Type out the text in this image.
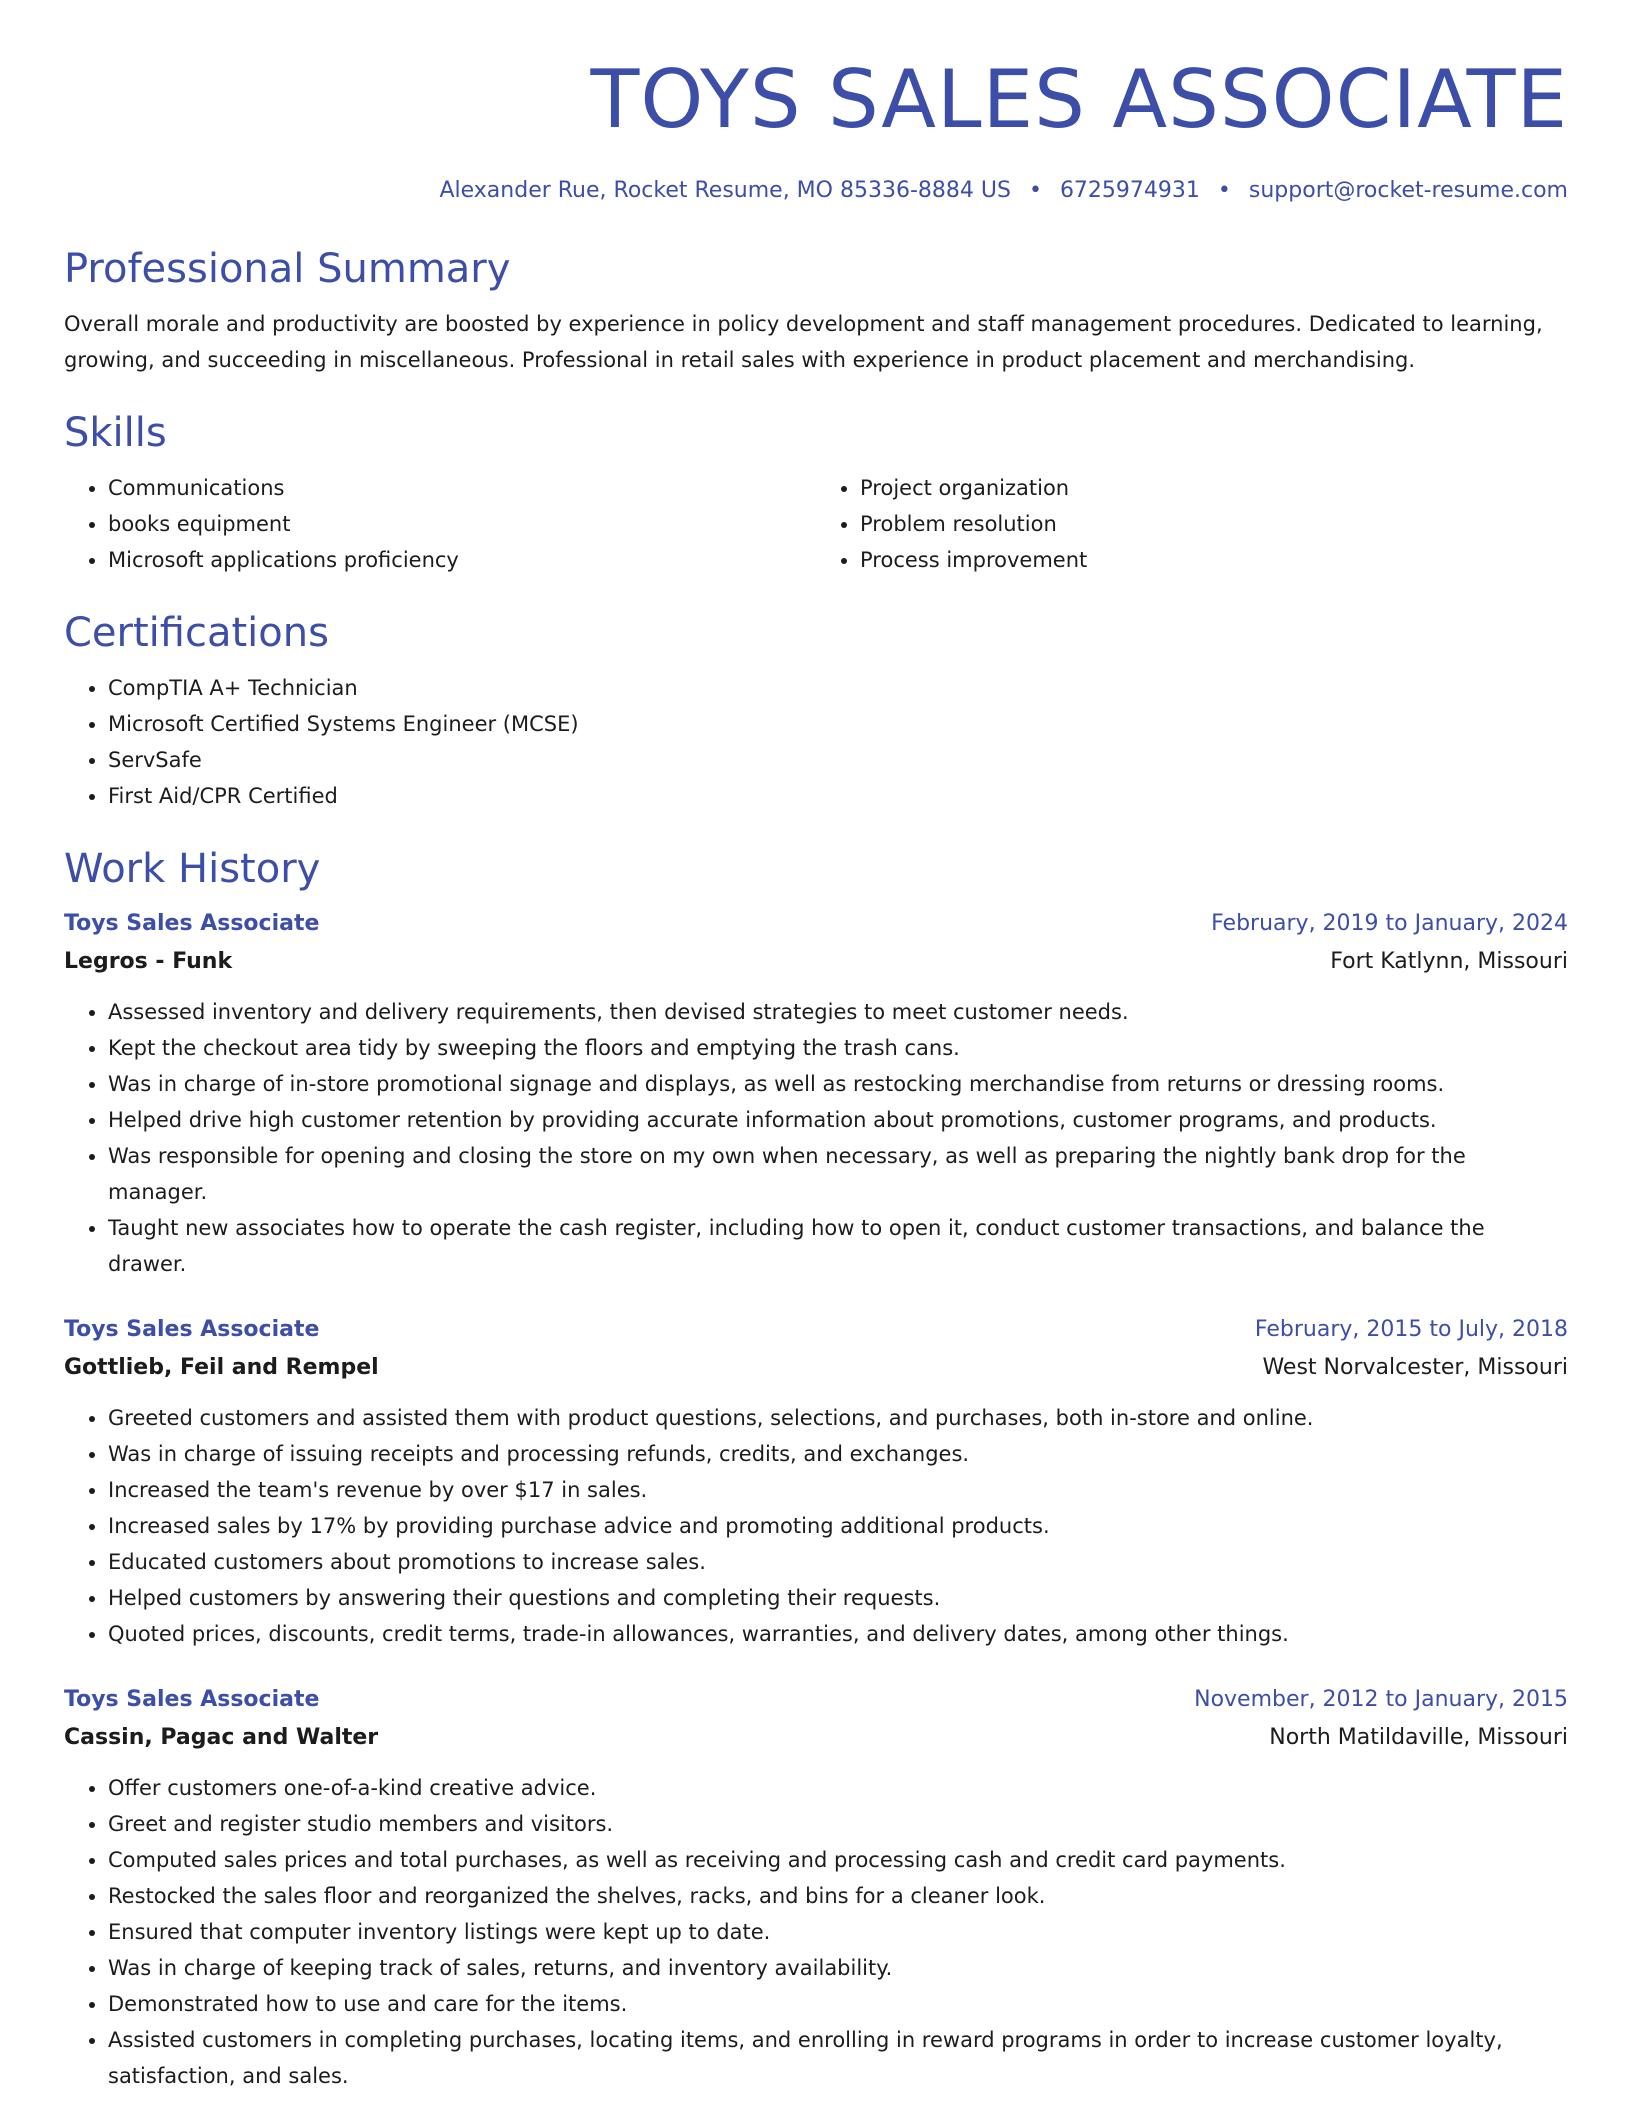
TOYS SALES ASSOCIATE
Alexander Rue, Rocket Resume, MO 85336-8884 US • 6725974931 • support@rocket-resume.com
Professional Summary
Overall morale and productivity are boosted by experience in policy development and staff management procedures. Dedicated to learning, growing, and succeeding in miscellaneous. Professional in retail sales with experience in product placement and merchandising.
Skills
• Communications
• books equipment
• Microsoft applications proficiency
• Project organization
• Problem resolution
• Process improvement
Certifications
• CompTIA A+ Technician
• Microsoft Certified Systems Engineer (MCSE)
• ServSafe
• First Aid/CPR Certified
Work History
Toys Sales Associate	February, 2019 to January, 2024
Legros - Funk	Fort Katlynn, Missouri
• Assessed inventory and delivery requirements, then devised strategies to meet customer needs.
• Kept the checkout area tidy by sweeping the floors and emptying the trash cans.
• Was in charge of in-store promotional signage and displays, as well as restocking merchandise from returns or dressing rooms.
• Helped drive high customer retention by providing accurate information about promotions, customer programs, and products.
• Was responsible for opening and closing the store on my own when necessary, as well as preparing the nightly bank drop for the manager.
• Taught new associates how to operate the cash register, including how to open it, conduct customer transactions, and balance the drawer.
Toys Sales Associate	February, 2015 to July, 2018
Gottlieb, Feil and Rempel	West Norvalcester, Missouri
• Greeted customers and assisted them with product questions, selections, and purchases, both in-store and online.
• Was in charge of issuing receipts and processing refunds, credits, and exchanges.
• Increased the team's revenue by over $17 in sales.
• Increased sales by 17% by providing purchase advice and promoting additional products.
• Educated customers about promotions to increase sales.
• Helped customers by answering their questions and completing their requests.
• Quoted prices, discounts, credit terms, trade-in allowances, warranties, and delivery dates, among other things.
Toys Sales Associate	November, 2012 to January, 2015
Cassin, Pagac and Walter	North Matildaville, Missouri
• Offer customers one-of-a-kind creative advice.
• Greet and register studio members and visitors.
• Computed sales prices and total purchases, as well as receiving and processing cash and credit card payments.
• Restocked the sales floor and reorganized the shelves, racks, and bins for a cleaner look.
• Ensured that computer inventory listings were kept up to date.
• Was in charge of keeping track of sales, returns, and inventory availability.
• Demonstrated how to use and care for the items.
• Assisted customers in completing purchases, locating items, and enrolling in reward programs in order to increase customer loyalty, satisfaction, and sales.
